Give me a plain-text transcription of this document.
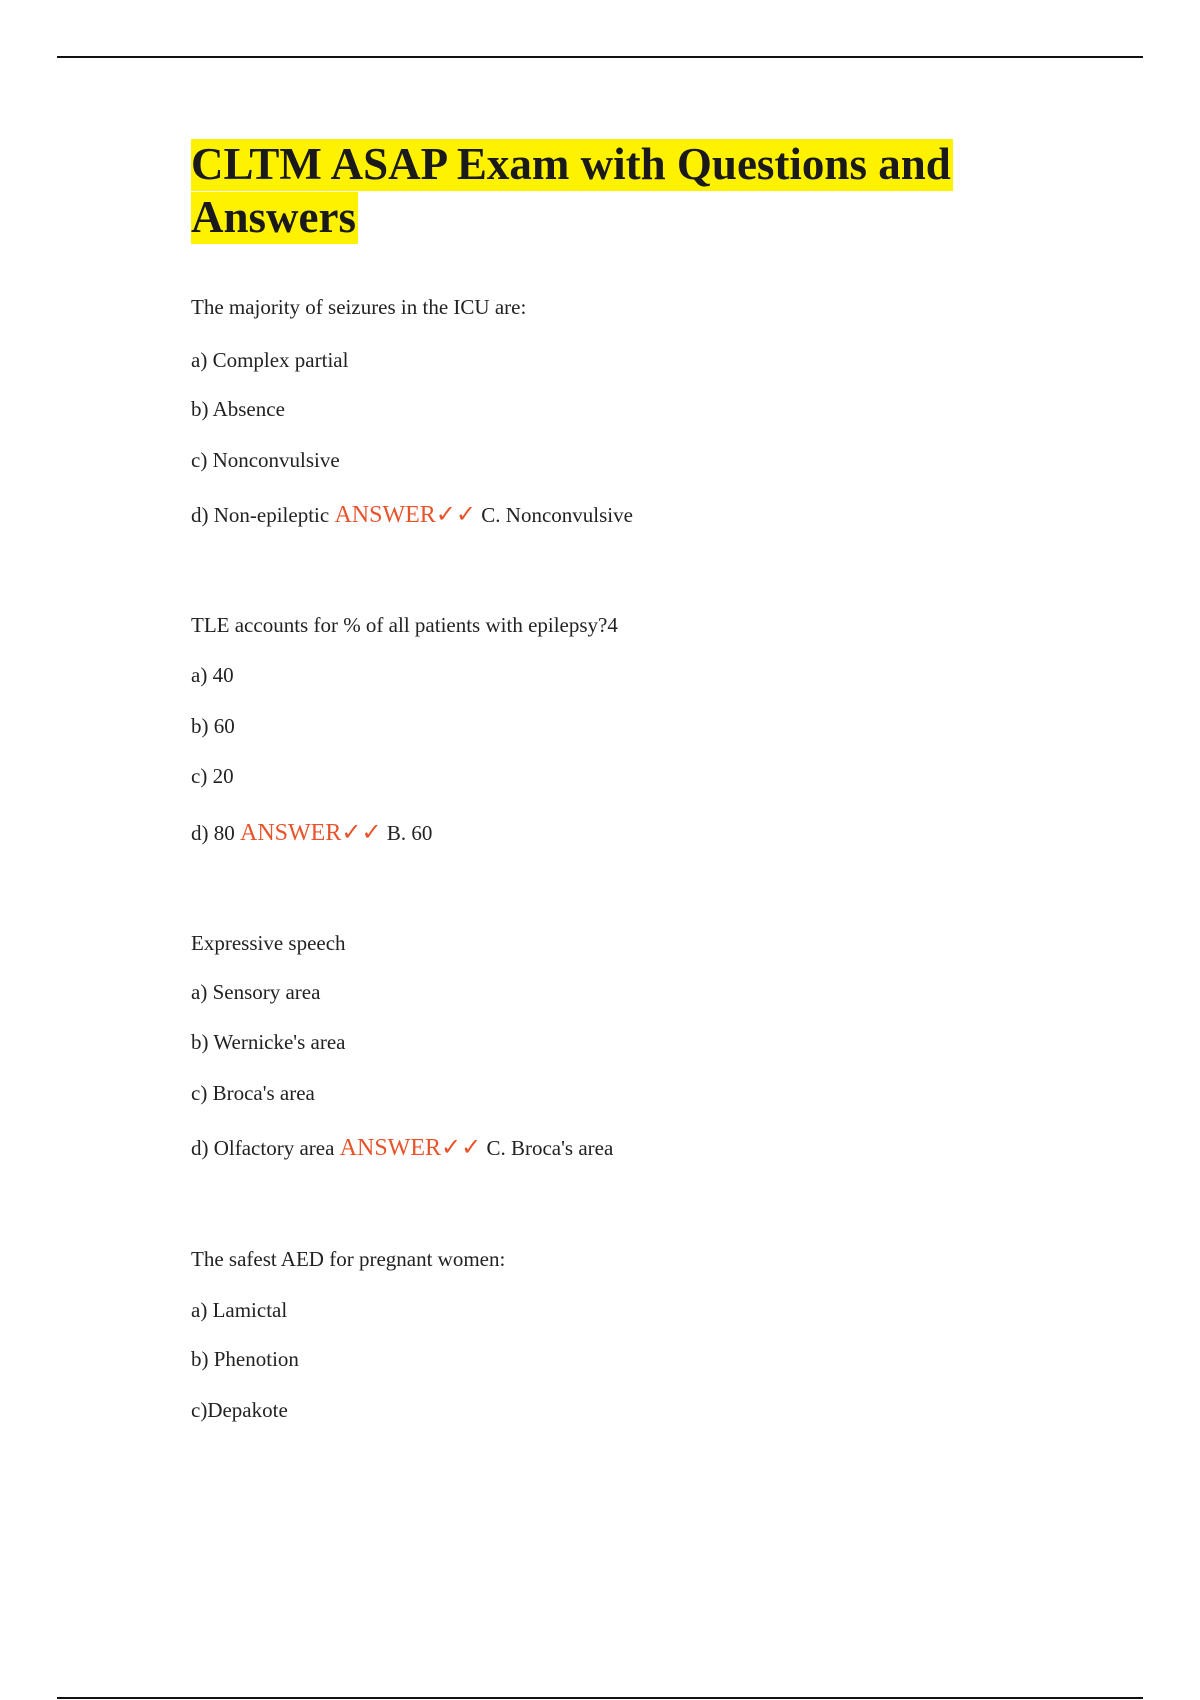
CLTM ASAP Exam with Questions and
Answers

The majority of seizures in the ICU are:

a) Complex partial

b) Absence

c) Nonconvulsive

d) Non-epileptic ANSWER✓✓ C. Nonconvulsive

TLE accounts for % of all patients with epilepsy?4

a) 40

b) 60

c) 20

d) 80 ANSWER✓✓ B. 60

Expressive speech

a) Sensory area

b) Wernicke's area

c) Broca's area

d) Olfactory area ANSWER✓✓ C. Broca's area

The safest AED for pregnant women:

a) Lamictal

b) Phenotion

c)Depakote
